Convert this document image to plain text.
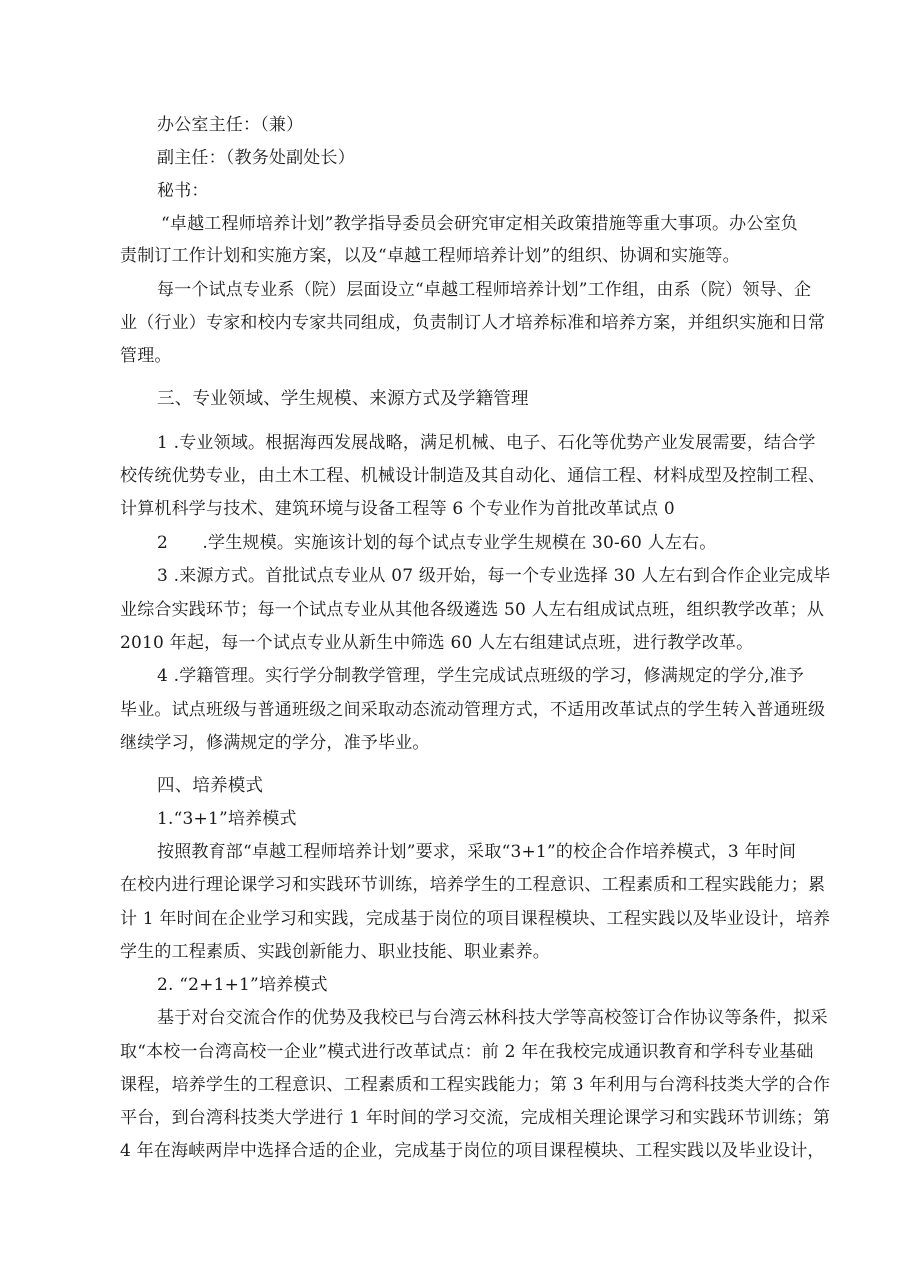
办公室主任：（兼）
副主任：（教务处副处长）
秘书：
“卓越工程师培养计划”教学指导委员会研究审定相关政策措施等重大事项。办公室负
责制订工作计划和实施方案，以及“卓越工程师培养计划”的组织、协调和实施等。
每一个试点专业系（院）层面设立“卓越工程师培养计划”工作组，由系（院）领导、企
业（行业）专家和校内专家共同组成，负责制订人才培养标准和培养方案，并组织实施和日常
管理。
三、专业领域、学生规模、来源方式及学籍管理
1 .专业领域。根据海西发展战略，满足机械、电子、石化等优势产业发展需要，结合学
校传统优势专业，由土木工程、机械设计制造及其自动化、通信工程、材料成型及控制工程、
计算机科学与技术、建筑环境与设备工程等 6 个专业作为首批改革试点 0
2　　.学生规模。实施该计划的每个试点专业学生规模在 30-60 人左右。
3 .来源方式。首批试点专业从 07 级开始，每一个专业选择 30 人左右到合作企业完成毕
业综合实践环节；每一个试点专业从其他各级遴选 50 人左右组成试点班，组织教学改革；从
2010 年起，每一个试点专业从新生中筛选 60 人左右组建试点班，进行教学改革。
4 .学籍管理。实行学分制教学管理，学生完成试点班级的学习，修满规定的学分,准予
毕业。试点班级与普通班级之间采取动态流动管理方式，不适用改革试点的学生转入普通班级
继续学习，修满规定的学分，准予毕业。
四、培养模式
1.“3+1”培养模式
按照教育部“卓越工程师培养计划”要求，采取“3+1”的校企合作培养模式，3 年时间
在校内进行理论课学习和实践环节训练，培养学生的工程意识、工程素质和工程实践能力；累
计 1 年时间在企业学习和实践，完成基于岗位的项目课程模块、工程实践以及毕业设计，培养
学生的工程素质、实践创新能力、职业技能、职业素养。
2. “2+1+1”培养模式
基于对台交流合作的优势及我校已与台湾云林科技大学等高校签订合作协议等条件，拟采
取“本校一台湾高校一企业”模式进行改革试点：前 2 年在我校完成通识教育和学科专业基础
课程，培养学生的工程意识、工程素质和工程实践能力；第 3 年利用与台湾科技类大学的合作
平台，到台湾科技类大学进行 1 年时间的学习交流，完成相关理论课学习和实践环节训练；第
4 年在海峡两岸中选择合适的企业，完成基于岗位的项目课程模块、工程实践以及毕业设计，
